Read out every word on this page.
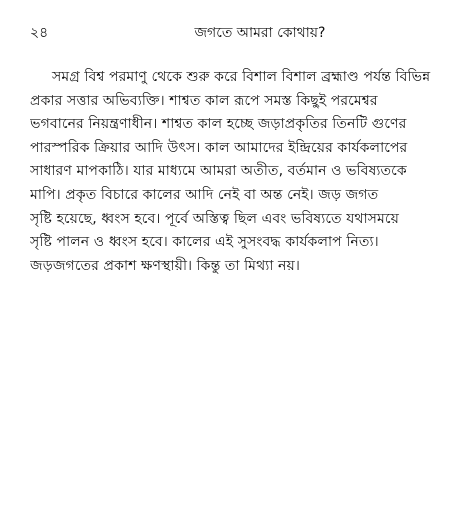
২৪	জগতে আমরা কোথায়?
সমগ্র বিশ্ব পরমাণু থেকে শুরু করে বিশাল বিশাল ব্রহ্মাণ্ড পর্যন্ত বিভিন্ন
প্রকার সত্তার অভিব্যক্তি। শাশ্বত কাল রূপে সমস্ত কিছুই পরমেশ্বর
ভগবানের নিয়ন্ত্রণাধীন। শাশ্বত কাল হচ্ছে জড়াপ্রকৃতির তিনটি গুণের
পারস্পরিক ক্রিয়ার আদি উৎস। কাল আমাদের ইন্দ্রিয়ের কার্যকলাপের
সাধারণ মাপকাঠি। যার মাধ্যমে আমরা অতীত, বর্তমান ও ভবিষ্যতকে
মাপি। প্রকৃত বিচারে কালের আদি নেই বা অন্ত নেই। জড় জগত
সৃষ্টি হয়েছে, ধ্বংস হবে। পূর্বে অস্তিত্ব ছিল এবং ভবিষ্যতে যথাসময়ে
সৃষ্টি পালন ও ধ্বংস হবে। কালের এই সুসংবদ্ধ কার্যকলাপ নিত্য।
জড়জগতের প্রকাশ ক্ষণস্থায়ী। কিন্তু তা মিথ্যা নয়।
